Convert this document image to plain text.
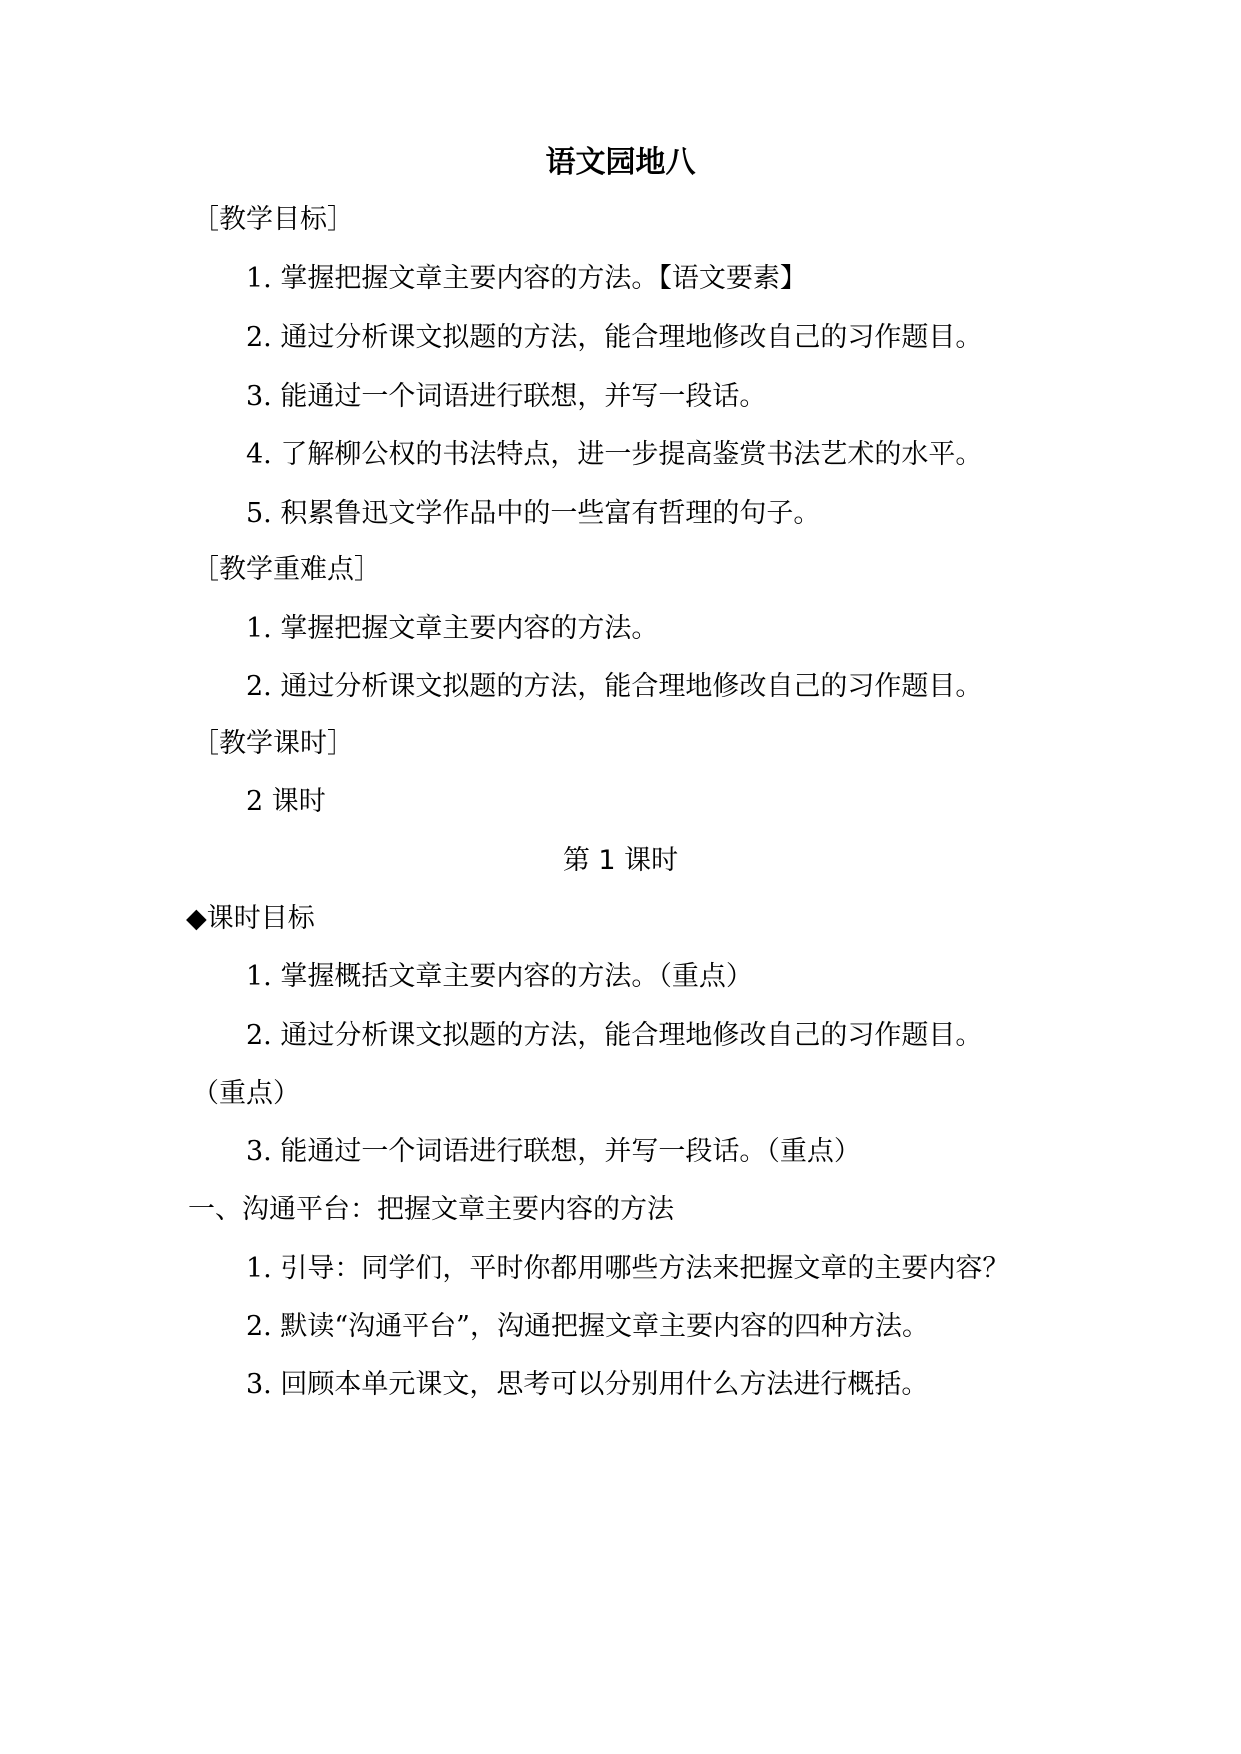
语文园地八
［教学目标］
1. 掌握把握文章主要内容的方法。【语文要素】
2. 通过分析课文拟题的方法，能合理地修改自己的习作题目。
3. 能通过一个词语进行联想，并写一段话。
4. 了解柳公权的书法特点，进一步提高鉴赏书法艺术的水平。
5. 积累鲁迅文学作品中的一些富有哲理的句子。
［教学重难点］
1. 掌握把握文章主要内容的方法。
2. 通过分析课文拟题的方法，能合理地修改自己的习作题目。
［教学课时］
2 课时
第 1 课时
◆课时目标
1. 掌握概括文章主要内容的方法。（重点）
2. 通过分析课文拟题的方法，能合理地修改自己的习作题目。
（重点）
3. 能通过一个词语进行联想，并写一段话。（重点）
一、沟通平台：把握文章主要内容的方法
1. 引导：同学们，平时你都用哪些方法来把握文章的主要内容？
2. 默读“沟通平台”，沟通把握文章主要内容的四种方法。
3. 回顾本单元课文，思考可以分别用什么方法进行概括。
